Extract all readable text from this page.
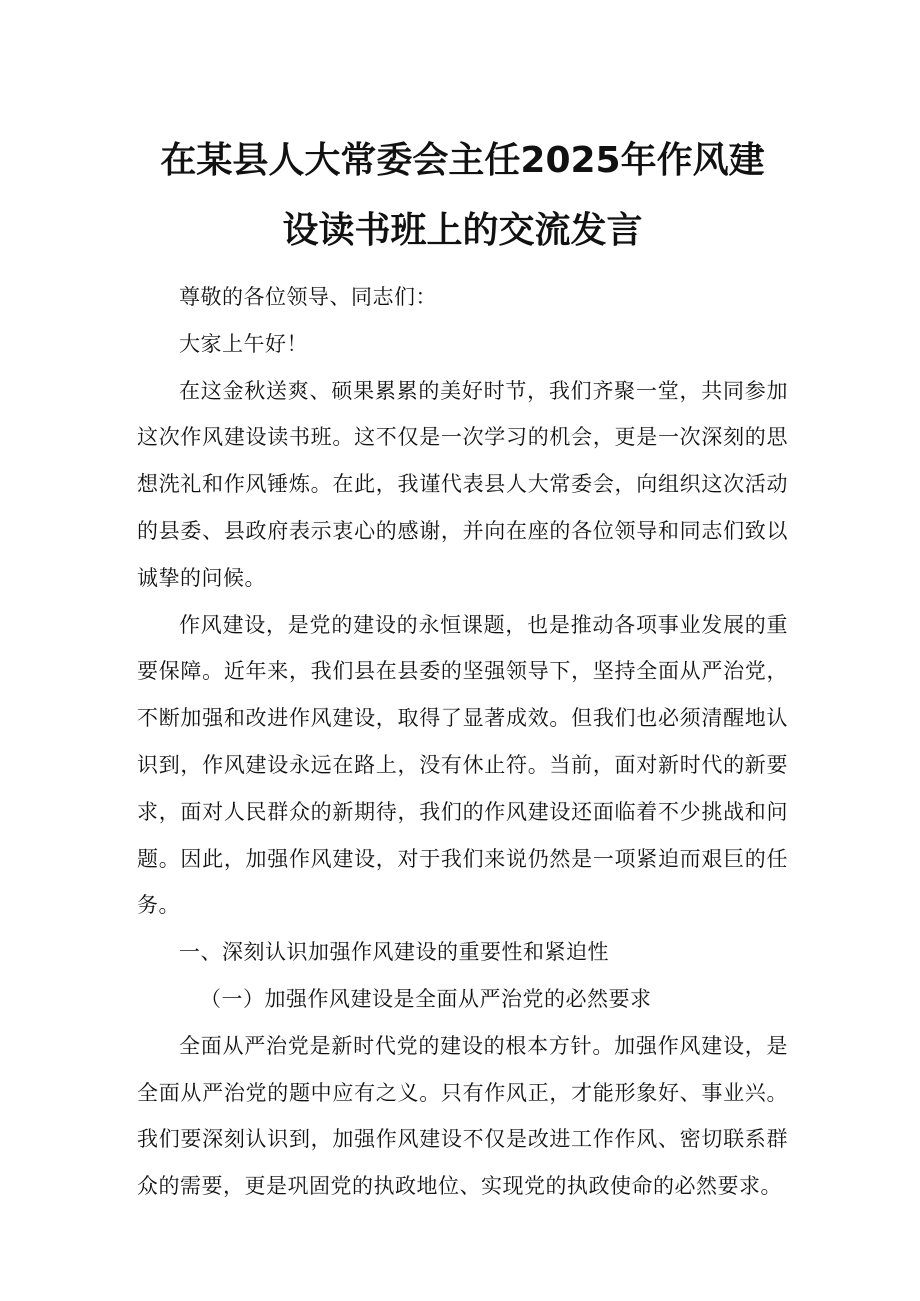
在某县人大常委会主任2025年作风建
设读书班上的交流发言

尊敬的各位领导、同志们：

大家上午好！

在这金秋送爽、硕果累累的美好时节，我们齐聚一堂，共同参加这次作风建设读书班。这不仅是一次学习的机会，更是一次深刻的思想洗礼和作风锤炼。在此，我谨代表县人大常委会，向组织这次活动的县委、县政府表示衷心的感谢，并向在座的各位领导和同志们致以诚挚的问候。

作风建设，是党的建设的永恒课题，也是推动各项事业发展的重要保障。近年来，我们县在县委的坚强领导下，坚持全面从严治党，不断加强和改进作风建设，取得了显著成效。但我们也必须清醒地认识到，作风建设永远在路上，没有休止符。当前，面对新时代的新要求，面对人民群众的新期待，我们的作风建设还面临着不少挑战和问题。因此，加强作风建设，对于我们来说仍然是一项紧迫而艰巨的任务。

一、深刻认识加强作风建设的重要性和紧迫性

（一）加强作风建设是全面从严治党的必然要求

全面从严治党是新时代党的建设的根本方针。加强作风建设，是全面从严治党的题中应有之义。只有作风正，才能形象好、事业兴。我们要深刻认识到，加强作风建设不仅是改进工作作风、密切联系群众的需要，更是巩固党的执政地位、实现党的执政使命的必然要求。
